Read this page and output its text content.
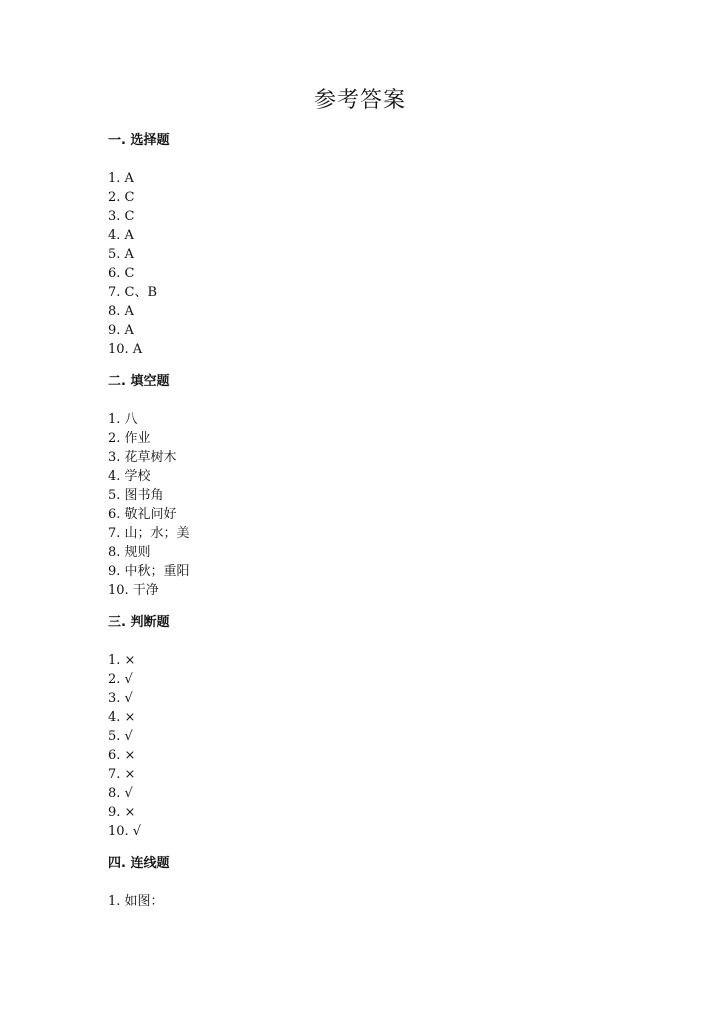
参考答案
一. 选择题
1. A
2. C
3. C
4. A
5. A
6. C
7. C、B
8. A
9. A
10. A
二. 填空题
1. 八
2. 作业
3. 花草树木
4. 学校
5. 图书角
6. 敬礼问好
7. 山；水；美
8. 规则
9. 中秋；重阳
10. 干净
三. 判断题
1. ×
2. √
3. √
4. ×
5. √
6. ×
7. ×
8. √
9. ×
10. √
四. 连线题
1. 如图：
